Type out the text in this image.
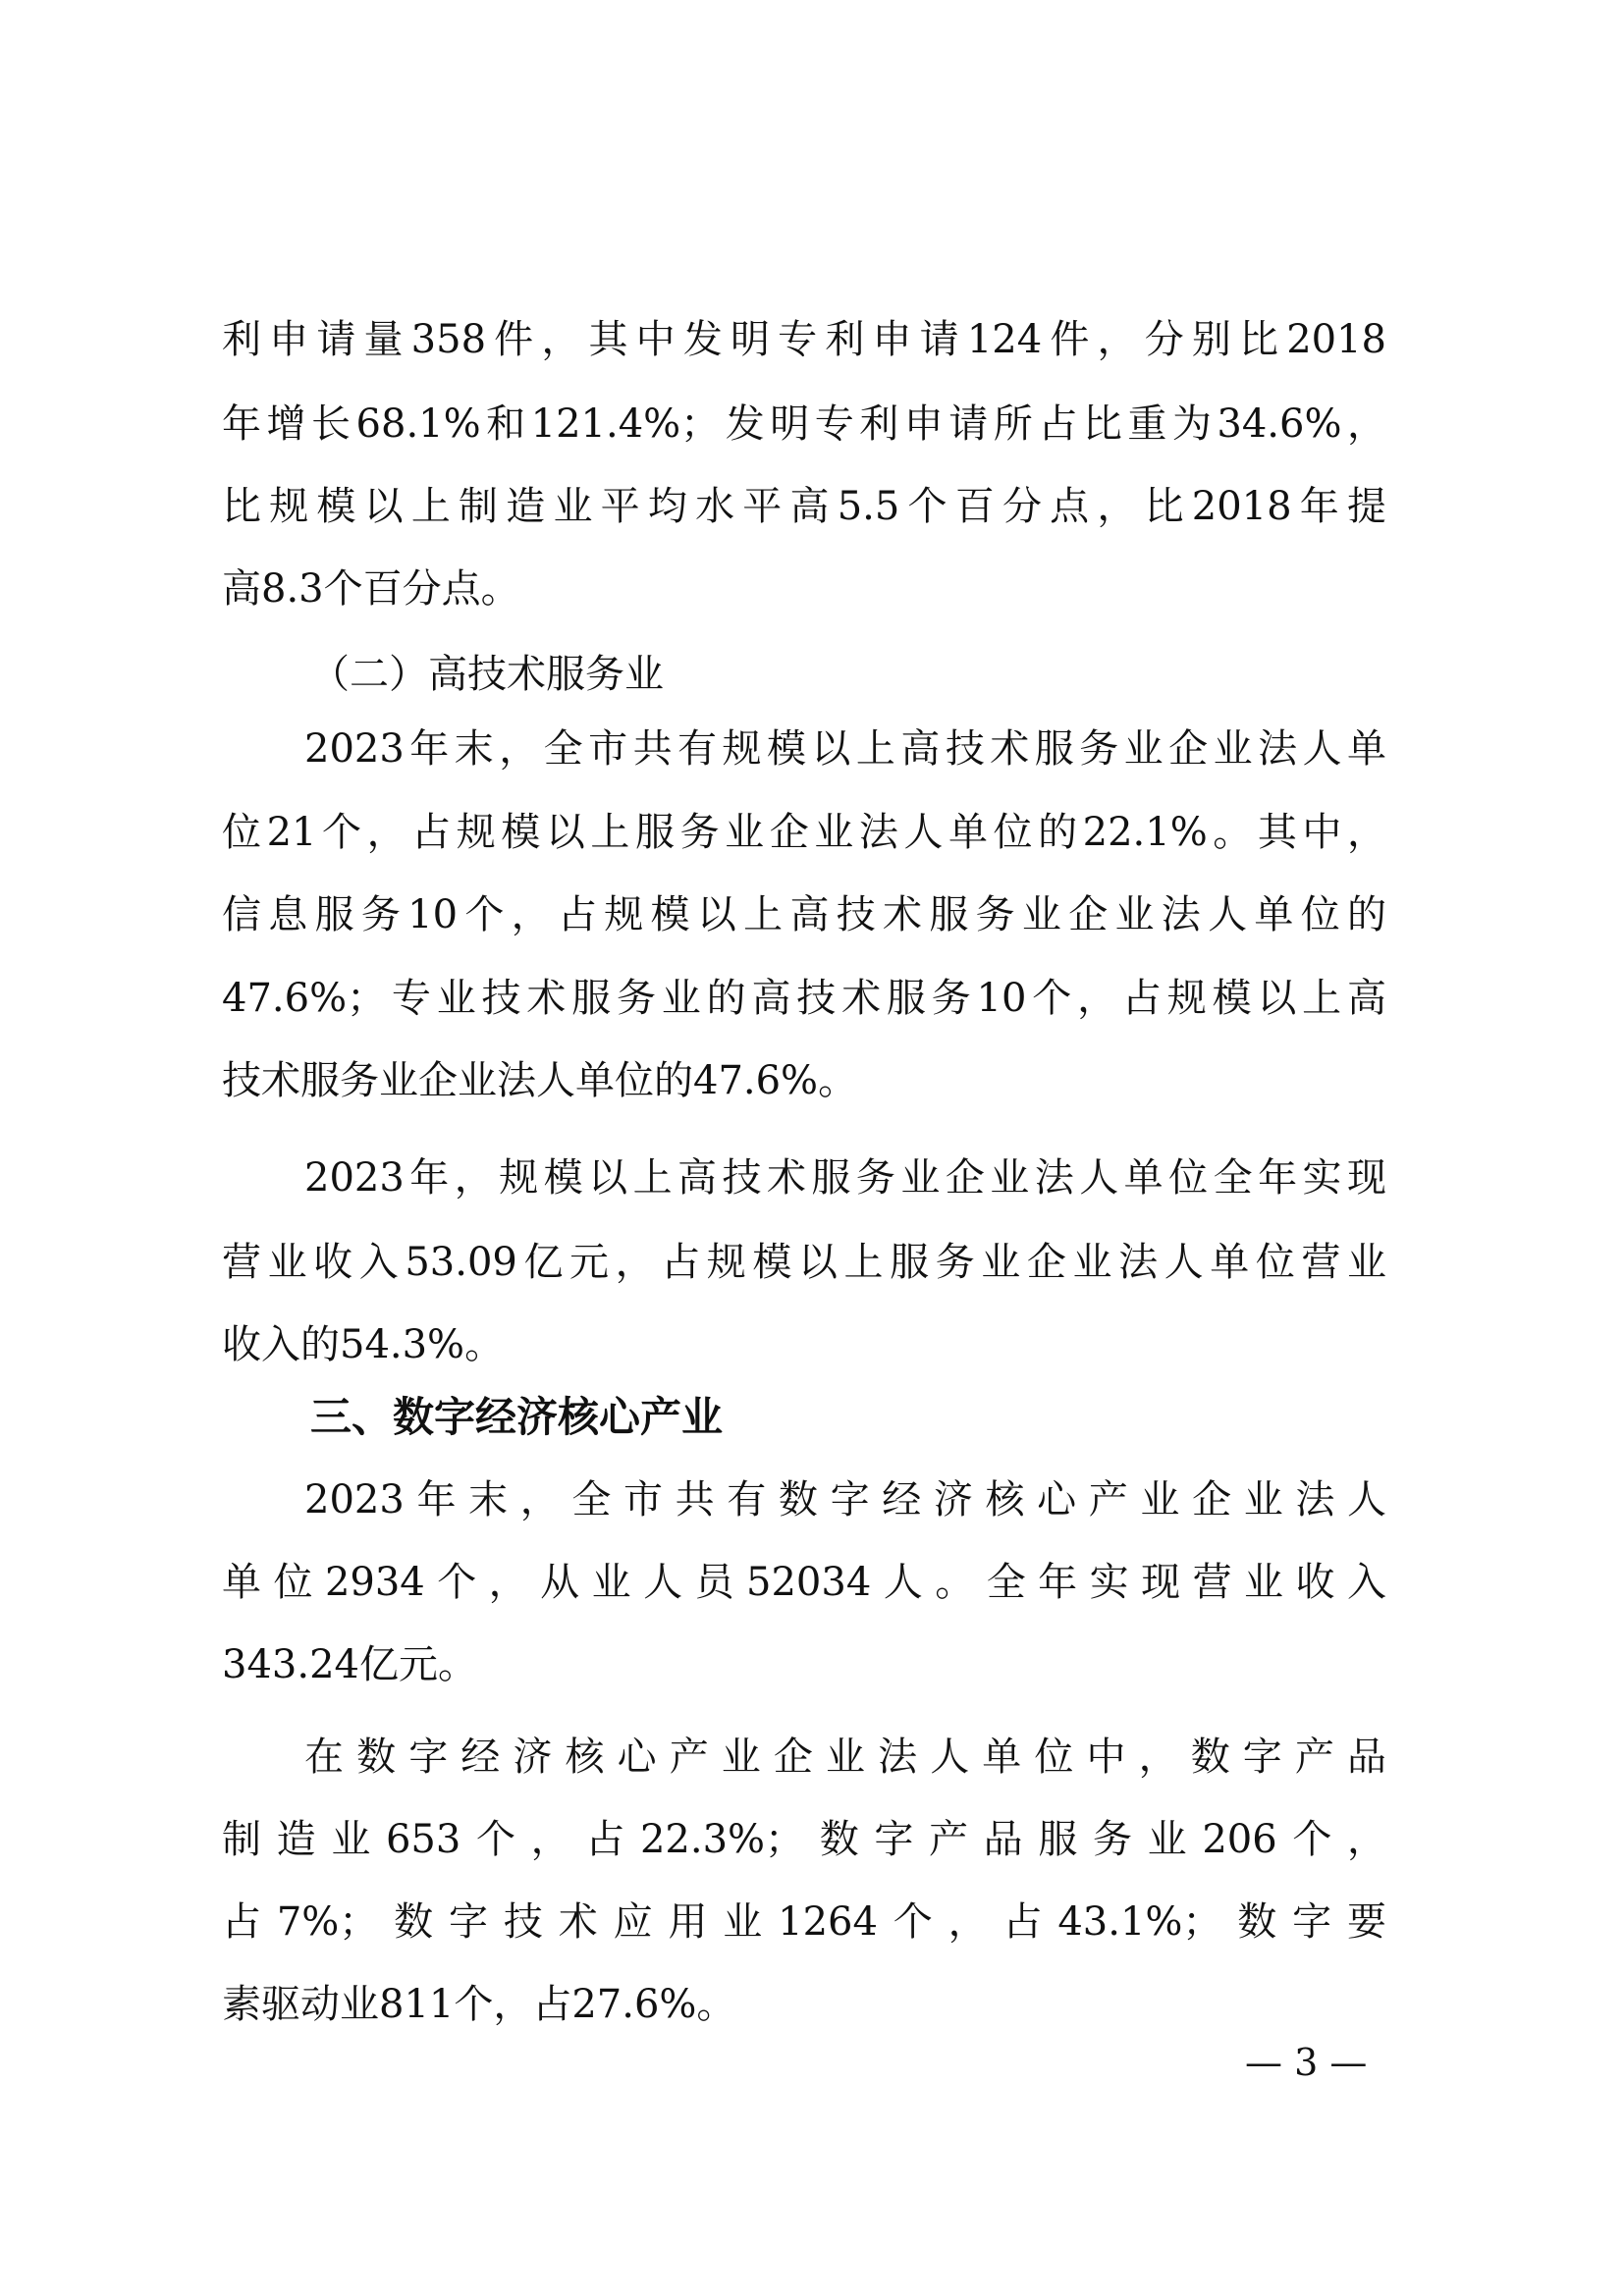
利申请量358件，其中发明专利申请124件，分别比2018
年增长68.1%和121.4%；发明专利申请所占比重为34.6%，
比规模以上制造业平均水平高5.5个百分点，比2018年提
高8.3个百分点。
（二）高技术服务业
2023年末，全市共有规模以上高技术服务业企业法人单
位21个，占规模以上服务业企业法人单位的22.1%。其中，
信息服务10个，占规模以上高技术服务业企业法人单位的
47.6%；专业技术服务业的高技术服务10个，占规模以上高
技术服务业企业法人单位的47.6%。
2023年，规模以上高技术服务业企业法人单位全年实现
营业收入53.09亿元，占规模以上服务业企业法人单位营业
收入的54.3%。
三、数字经济核心产业
2023年末，全市共有数字经济核心产业企业法人
单位2934个，从业人员52034人。全年实现营业收入
343.24亿元。
在数字经济核心产业企业法人单位中，数字产品
制造业653个，占22.3%；数字产品服务业206个，
占7%；数字技术应用业1264个，占43.1%；数字要
素驱动业811个，占27.6%。
— 3 —
